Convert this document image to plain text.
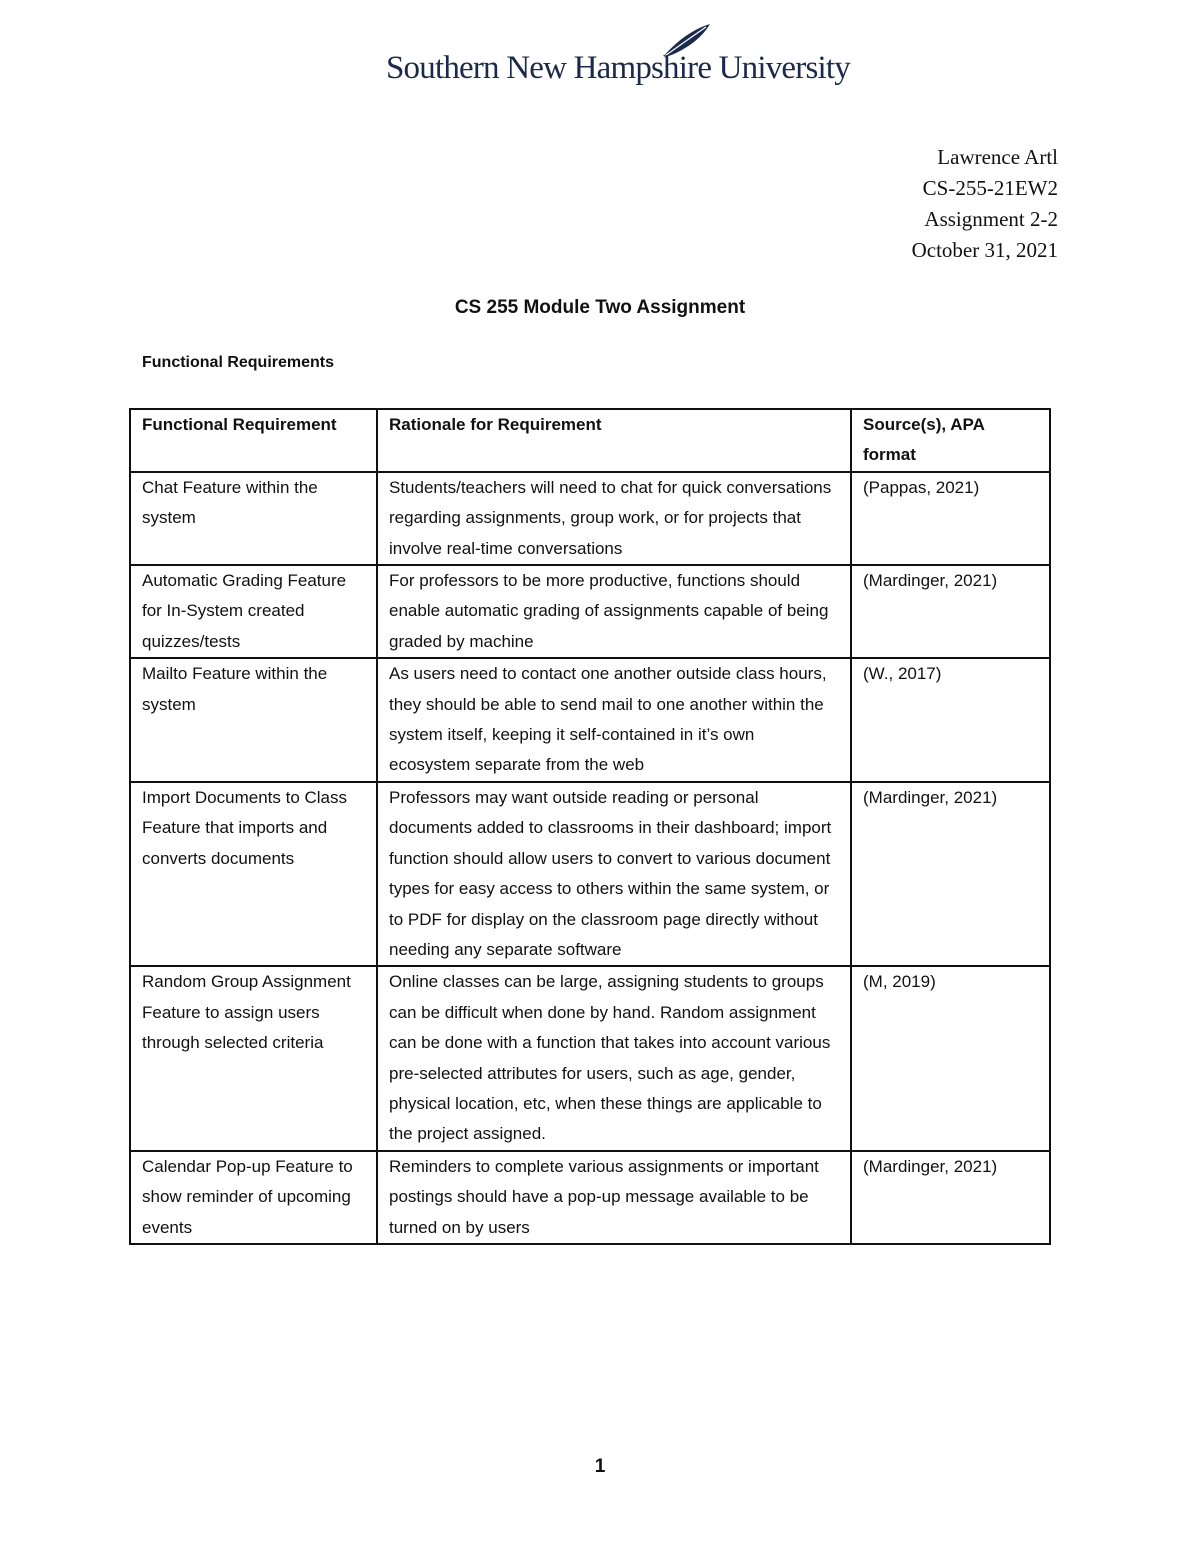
Southern New Hampshire University
Lawrence Artl
CS-255-21EW2
Assignment 2-2
October 31, 2021
CS 255 Module Two Assignment
Functional Requirements
Functional Requirement	Rationale for Requirement	Source(s), APA format
Chat Feature within the system	Students/teachers will need to chat for quick conversations regarding assignments, group work, or for projects that involve real-time conversations	(Pappas, 2021)
Automatic Grading Feature for In-System created quizzes/tests	For professors to be more productive, functions should enable automatic grading of assignments capable of being graded by machine	(Mardinger, 2021)
Mailto Feature within the system	As users need to contact one another outside class hours, they should be able to send mail to one another within the system itself, keeping it self-contained in it’s own ecosystem separate from the web	(W., 2017)
Import Documents to Class Feature that imports and converts documents	Professors may want outside reading or personal documents added to classrooms in their dashboard; import function should allow users to convert to various document types for easy access to others within the same system, or to PDF for display on the classroom page directly without needing any separate software	(Mardinger, 2021)
Random Group Assignment Feature to assign users through selected criteria	Online classes can be large, assigning students to groups can be difficult when done by hand. Random assignment can be done with a function that takes into account various pre-selected attributes for users, such as age, gender, physical location, etc, when these things are applicable to the project assigned.	(M, 2019)
Calendar Pop-up Feature to show reminder of upcoming events	Reminders to complete various assignments or important postings should have a pop-up message available to be turned on by users	(Mardinger, 2021)
1
